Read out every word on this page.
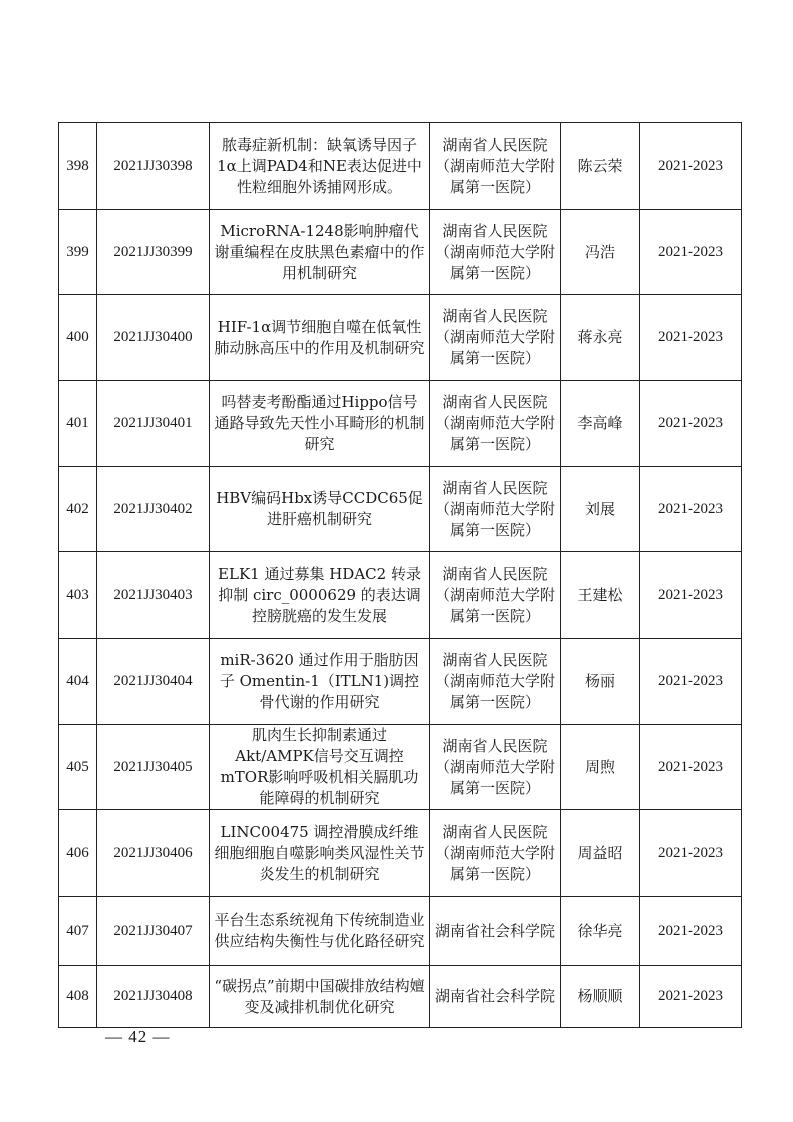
398	2021JJ30398	脓毒症新机制：缺氧诱导因子1α上调PAD4和NE表达促进中性粒细胞外诱捕网形成。	湖南省人民医院（湖南师范大学附属第一医院）	陈云荣	2021-2023
399	2021JJ30399	MicroRNA-1248影响肿瘤代谢重编程在皮肤黑色素瘤中的作用机制研究	湖南省人民医院（湖南师范大学附属第一医院）	冯浩	2021-2023
400	2021JJ30400	HIF-1α调节细胞自噬在低氧性肺动脉高压中的作用及机制研究	湖南省人民医院（湖南师范大学附属第一医院）	蒋永亮	2021-2023
401	2021JJ30401	吗替麦考酚酯通过Hippo信号通路导致先天性小耳畸形的机制研究	湖南省人民医院（湖南师范大学附属第一医院）	李高峰	2021-2023
402	2021JJ30402	HBV编码Hbx诱导CCDC65促进肝癌机制研究	湖南省人民医院（湖南师范大学附属第一医院）	刘展	2021-2023
403	2021JJ30403	ELK1 通过募集 HDAC2 转录抑制 circ_0000629 的表达调控膀胱癌的发生发展	湖南省人民医院（湖南师范大学附属第一医院）	王建松	2021-2023
404	2021JJ30404	miR-3620 通过作用于脂肪因子 Omentin-1（ITLN1)调控骨代谢的作用研究	湖南省人民医院（湖南师范大学附属第一医院）	杨丽	2021-2023
405	2021JJ30405	肌肉生长抑制素通过Akt/AMPK信号交互调控mTOR影响呼吸机相关膈肌功能障碍的机制研究	湖南省人民医院（湖南师范大学附属第一医院）	周煦	2021-2023
406	2021JJ30406	LINC00475 调控滑膜成纤维细胞细胞自噬影响类风湿性关节炎发生的机制研究	湖南省人民医院（湖南师范大学附属第一医院）	周益昭	2021-2023
407	2021JJ30407	平台生态系统视角下传统制造业供应结构失衡性与优化路径研究	湖南省社会科学院	徐华亮	2021-2023
408	2021JJ30408	“碳拐点”前期中国碳排放结构嬗变及减排机制优化研究	湖南省社会科学院	杨顺顺	2021-2023
— 42 —
